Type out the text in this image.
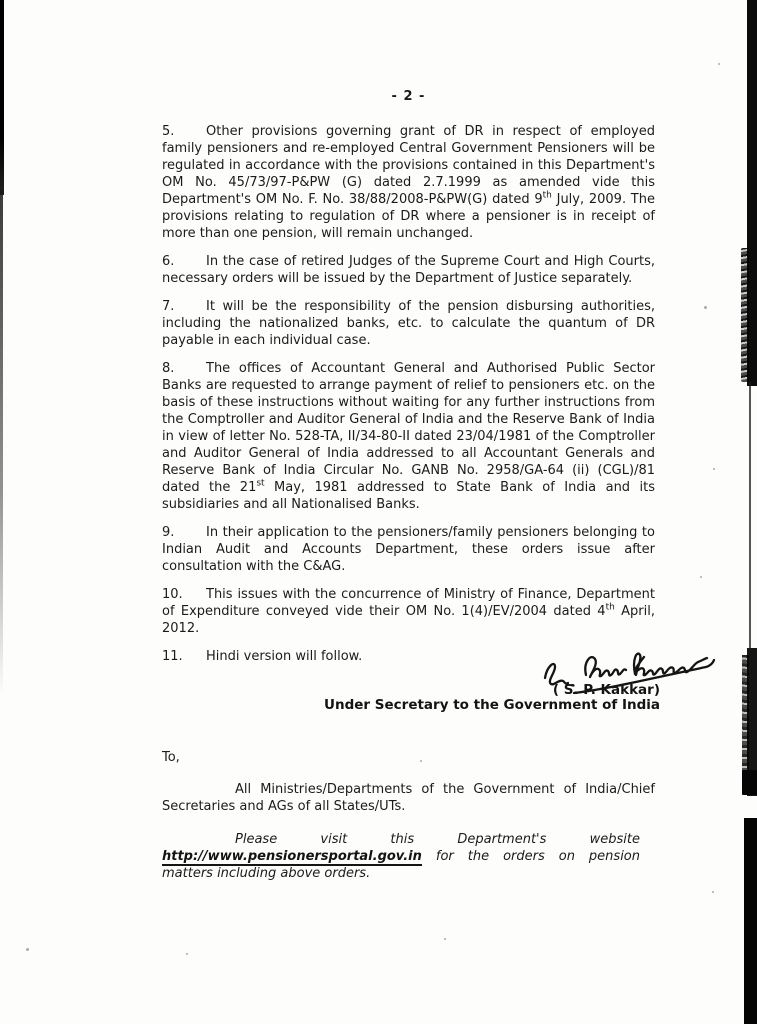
- 2 -
5. Other provisions governing grant of DR in respect of employed family pensioners and re-employed Central Government Pensioners will be regulated in accordance with the provisions contained in this Department's OM No. 45/73/97-P&PW (G) dated 2.7.1999 as amended vide this Department's OM No. F. No. 38/88/2008-P&PW(G) dated 9th July, 2009. The provisions relating to regulation of DR where a pensioner is in receipt of more than one pension, will remain unchanged.
6. In the case of retired Judges of the Supreme Court and High Courts, necessary orders will be issued by the Department of Justice separately.
7. It will be the responsibility of the pension disbursing authorities, including the nationalized banks, etc. to calculate the quantum of DR payable in each individual case.
8. The offices of Accountant General and Authorised Public Sector Banks are requested to arrange payment of relief to pensioners etc. on the basis of these instructions without waiting for any further instructions from the Comptroller and Auditor General of India and the Reserve Bank of India in view of letter No. 528-TA, II/34-80-II dated 23/04/1981 of the Comptroller and Auditor General of India addressed to all Accountant Generals and Reserve Bank of India Circular No. GANB No. 2958/GA-64 (ii) (CGL)/81 dated the 21st May, 1981 addressed to State Bank of India and its subsidiaries and all Nationalised Banks.
9. In their application to the pensioners/family pensioners belonging to Indian Audit and Accounts Department, these orders issue after consultation with the C&AG.
10. This issues with the concurrence of Ministry of Finance, Department of Expenditure conveyed vide their OM No. 1(4)/EV/2004 dated 4th April, 2012.
11. Hindi version will follow.
( S. P. Kakkar)
Under Secretary to the Government of India
To,
All Ministries/Departments of the Government of India/Chief Secretaries and AGs of all States/UTs.
Please visit this Department's website http://www.pensionersportal.gov.in for the orders on pension matters including above orders.
